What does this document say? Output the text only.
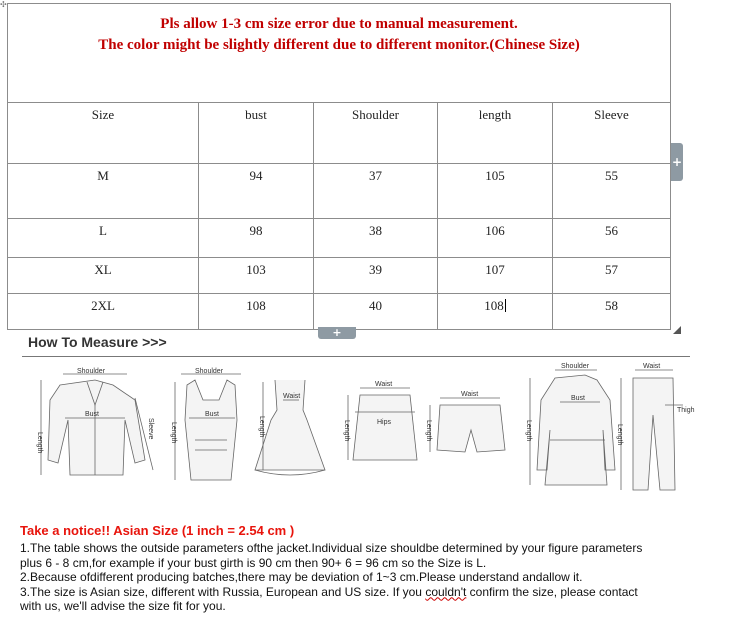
✣
Pls allow 1-3 cm size error due to manual measurement.
The color might be slightly different due to different monitor.(Chinese Size)				

Size	bust	Shoulder	length	Sleeve
M	94	37	105	55
L	98	38	106	56
XL	103	39	107	57
2XL	108	40	108	58
+
+
How To Measure >>>
Shoulder
Bust
Length
Sleeve
Shoulder
Bust
Length
Waist
Length
Waist
Hips
Length
Waist
Length
Shoulder
Bust
Length
Waist
Length
Thigh
Take a notice!! Asian Size (1 inch = 2.54 cm )
1.The table shows the outside parameters ofthe jacket.Individual size shouldbe determined by your figure parameters plus 6 - 8 cm,for example if your bust girth is 90 cm then 90+ 6 = 96 cm so the Size is L.
2.Because ofdifferent producing batches,there may be deviation of 1~3 cm.Please understand andallow it.
3.The size is Asian size, different with Russia, European and US size. If you couldn't confirm the size, please contact with us, we'll advise the size fit for you.
